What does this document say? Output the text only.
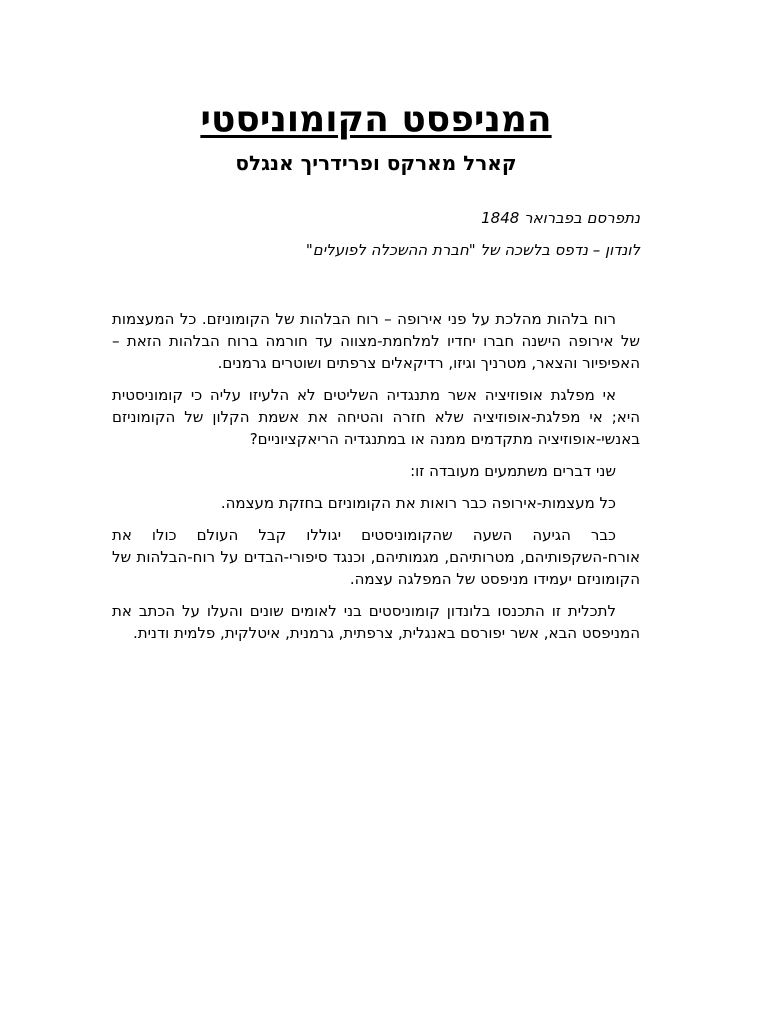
המניפסט הקומוניסטי
קארל מארקס ופרידריך אנגלס
נתפרסם בפברואר 1848
לונדון – נדפס בלשכה של "חברת ההשכלה לפועלים"

רוח בלהות מהלכת על פני אירופה – רוח הבלהות של הקומוניזם. כל המעצמות של אירופה הישנה חברו יחדיו למלחמת-מצווה עד חורמה ברוח הבלהות הזאת – האפיפיור והצאר, מטרניך וגיזו, רדיקאלים צרפתים ושוטרים גרמנים.

אי מפלגת אופוזיציה אשר מתנגדיה השליטים לא הלעיזו עליה כי קומוניסטית היא; אי מפלגת-אופוזיציה שלא חזרה והטיחה את אשמת הקלון של הקומוניזם באנשי-אופוזיציה מתקדמים ממנה או במתנגדיה הריאקציוניים?

שני דברים משתמעים מעובדה זו:

כל מעצמות-אירופה כבר רואות את הקומוניזם בחזקת מעצמה.

כבר הגיעה השעה שהקומוניסטים יגוללו קבל העולם כולו את אורח-השקפותיהם, מטרותיהם, מגמותיהם, וכנגד סיפורי-הבדים על רוח-הבלהות של הקומוניזם יעמידו מניפסט של המפלגה עצמה.

לתכלית זו התכנסו בלונדון קומוניסטים בני לאומים שונים והעלו על הכתב את המניפסט הבא, אשר יפורסם באנגלית, צרפתית, גרמנית, איטלקית, פלמית ודנית.
